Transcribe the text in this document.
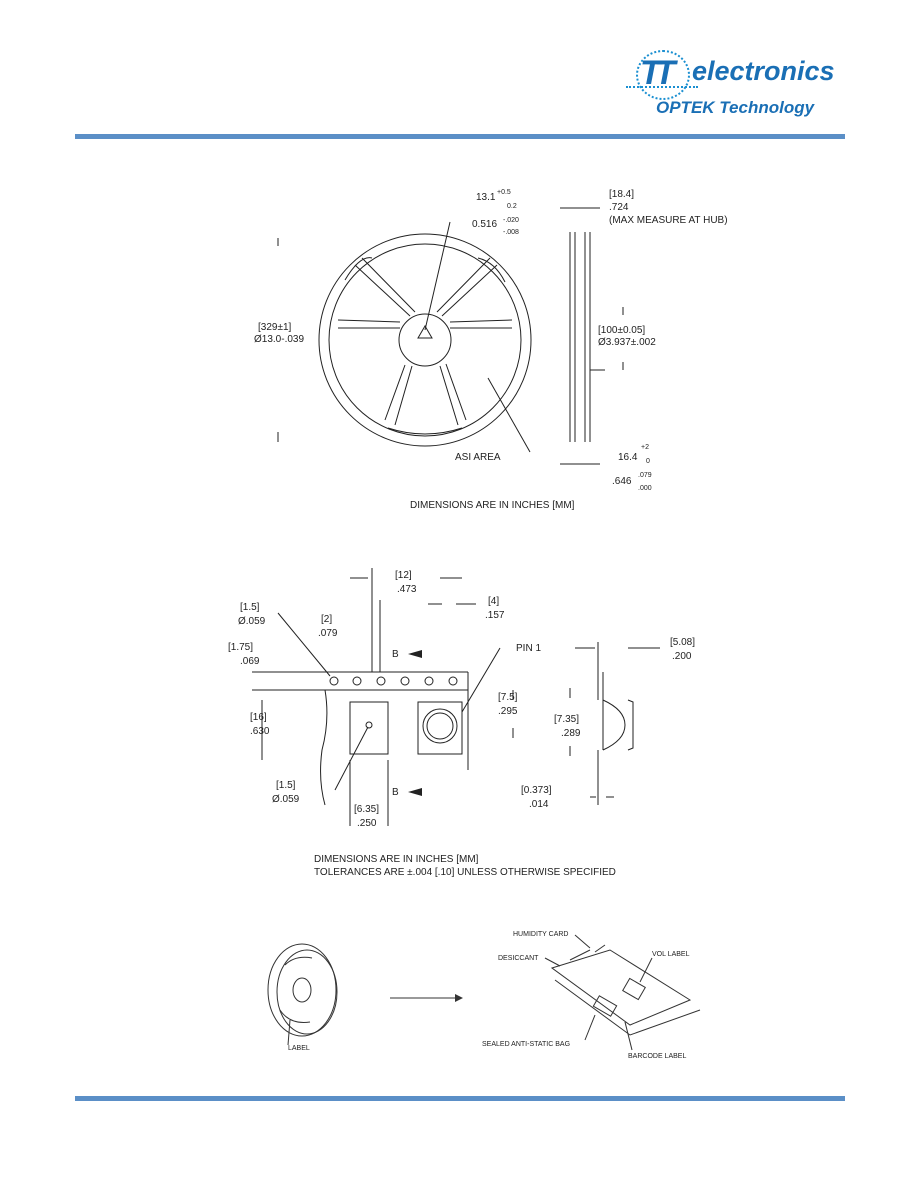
TT electronics
OPTEK Technology
13.1 +0.5
0.2
0.516 -.020
-.008
[18.4]
.724
(MAX MEASURE AT HUB)
[329±1]
Ø13.0-.039
[100±0.05]
Ø3.937±.002
16.4
+2
0
.646
.079
.000
ASI AREA
DIMENSIONS ARE IN INCHES [MM]
[12]
.473
[4]
.157
[1.5]
Ø.059	[2]
.079
[1.75]
.069
[16]
.630
[7.5]
.295
PIN 1
B
B
[1.5]
Ø.059
[6.35]
.250
[5.08]
.200
[7.35]
.289
[0.373]
.014
DIMENSIONS ARE IN INCHES [MM]
TOLERANCES ARE ±.004 [.10] UNLESS OTHERWISE SPECIFIED
LABEL
HUMIDITY CARD
DESICCANT
VOL LABEL
SEALED ANTI-STATIC BAG
BARCODE LABEL
